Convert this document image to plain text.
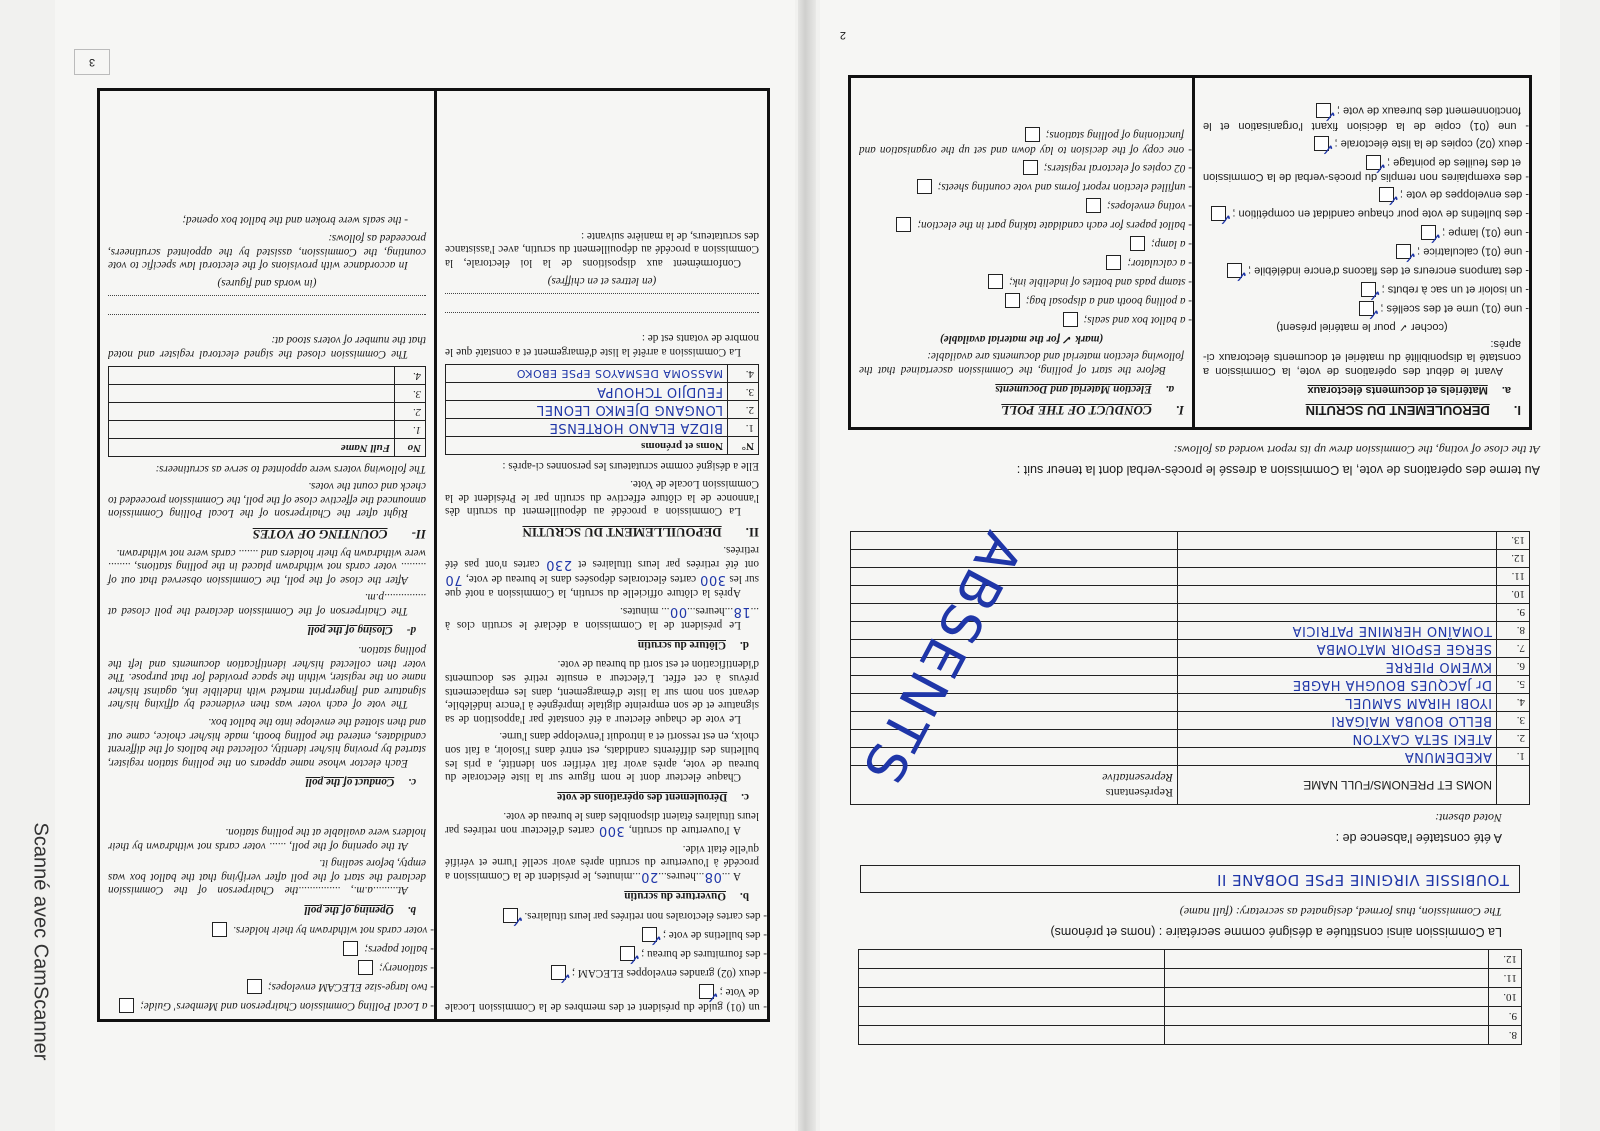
Scanné avec CamScanner
3

- un (01) guide du président et des membres de la Commission Locale de Vote ;✓

- deux (02) grandes enveloppes ELECAM ;✓

- des fournitures de bureau ;✓

- des bulletins de vote ;✓

- des cartes électorales non retirées par leurs titulaires.✓

b.Ouverture du scrutin

A ...08...heures...20...minutes, le président de la Commission a procédé à l'ouverture du scrutin après avoir scellé l'urne et vérifié qu'elle était vide.

A l'ouverture du scrutin, 300 cartes d'électeur non retirées par leurs titulaires étaient disponibles dans le bureau de vote.

c.Déroulement des opérations de vote

Chaque électeur dont le nom figure sur la liste électorale du bureau de vote, après avoir fait vérifier son identité, a pris les bulletins des différents candidats, est entré dans l'isoloir, a fait son choix, en est ressorti et a introduit l'enveloppe dans l'urne.

Le vote de chaque électeur a été constaté par l'apposition de sa signature et de son empreinte digitale imprégnée à l'encre indélébile, devant son nom sur la liste d'émargement, dans les emplacements prévus à cet effet. L'électeur a ensuite retiré ses documents d'identification et est sorti du bureau de vote.

d.Clôture du scrutin

Le président de la Commission a déclaré le scrutin clos à ...18...heures...00... minutes.

Après la clôture officielle du scrutin, la Commission a noté que sur les 300 cartes électorales déposées dans le bureau de vote, 70 ont été retirées par leurs titulaires et 230 cartes n'ont pas été retirées.

II.DEPOUILLEMENT DU SCRUTIN

La Commission a procédé au dépouillement du scrutin dès l'annonce de la clôture effective du scrutin par le Président de la Commission Locale de Vote.

Elle a désigné comme scrutateurs les personnes ci-après :

N°	Noms et prénoms
1.	BIDZA ELANO HORTENSE
2.	LONGANG DJEMKO LEONEL
3.	FEUDJIO TCHOUPA
4.	MASSOMA DESMAYOS EPSE EBOKO

La Commission a arrêté la liste d'émargement et a constaté que le nombre de votants est de :

(en lettres et en chiffres)

Conformément aux dispositions de la loi électorale, la Commission a procédé au dépouillement du scrutin, avec l'assistance des scrutateurs, de la manière suivante :

- a Local Polling Commission Chairperson and Members' Guide;

- two large-size ELECAM envelopes;

- stationery;

- ballot papers;

- voter cards not withdrawn by their holders.

b.Opening of the poll

At.........a.m., ...............the Chairperson of the Commission declared the start of the poll after verifying that the ballot box was empty, before sealing it.

At the opening of the poll, ...... voter cards not withdrawn by their holders were available at the polling station.

c.Conduct of the poll

Each elector whose name appears on the polling station register, started by proving his/her identity, collected the ballots of the different candidates, entered the polling booth, made his/her choice, came out and then slotted the envelope into the ballot box.

The vote of each voter was then evidenced by affixing his/her signature and fingerprint marked with indelible ink, against his/her name on the register, within the space provided for that purpose. The voter then collected his/her identification documents and left the polling station.

d-Closing of the poll

The Chairperson of the Commission declared the poll closed at ...............p.m.

After the close of the poll, the Commission observed that out of ......... voter cards not withdrawn placed in the polling stations, ........ were withdrawn by their holders and ....... cards were not withdrawn.

II-COUNTING OF VOTES

Right after the Chairperson of the Local Polling Commission announced the effective close of the poll, the Commission proceeded to check and count the votes.

The following voters were appointed to serve as scrutineers:

No	Full Name
1.	
2.	
3.	
4.	

The Commission closed the signed electoral register and noted that the number of voters stood at:

(in words and figures)

In accordance with provisions of the electoral law specific to vote counting, the Commission, assisted by the appointed scrutineers, proceeded as follows:

- the seals were broken and the ballot box opened;

8.		
9.		
10.		
11.		
12.		
La Commission ainsi constituée a désigné comme secrétaire : (noms et prénoms)
The Commission, thus formed, designated as secretary: (full name)
TOUBISSIE VIRGINIE EPSE DOBANE II
A été constatée l'absence de :
Noted absent:
	NOMS ET PRENOMS/FULL NAME	Représentants
Representative

1.	AKEDEMUNA	
2.	ATEKI SETA CAXTON	
3.	BELLO BOUBA MAÏGARI	
4.	IYOBI HIRAM SAMUEL	
5.	Dr JACQUES BOUGHA HAGBE	
6.	KWEMO PIERRE	
7.	SERGE ESPOIR MATOMBA	
8.	TOMAÏNO HERMINE PATRICIA	
9.		
10.		
11.		
12.		
13.		
ABSENTS
Au terme des opérations de vote, la Commission a dressé le procès-verbal dont la teneur suit :
At the close of voting, the Commission drew up its report worded as follows:
I.DEROULEMENT DU SCRUTIN
a.Matériels et documents électoraux

Avant le début des opérations de vote, la Commission a constaté la disponibilité du matériel et documents électoraux ci-après:

(cocher ✓ pour le matériel présent)

- une (01) urne et des scellés ;✓

- un isoloir et un sac à rebuts ;✓

- des tampons encreurs et des flacons d'encre indélébile ;✓

- une (01) calculatrice ;✓

- une (01) lampe ;✓

- des bulletins de vote pour chaque candidat en compétition ;✓

- des enveloppes de vote ;✓

- des exemplaires non remplis du procès-verbal de la Commission et des feuilles de pointage ;✓

- deux (02) copies de la liste électorale ;✓

- une (01) copie de la décision fixant l'organisation et le fonctionnement des bureaux de vote ;✓

I.CONDUCT OF THE POLL
a.Election Material and Documents

Before the start of polling, the Commission ascertained that the following election material and documents are available:

(mark ✓ for the material available)

- a ballot box and seals;

- a polling booth and a disposal bag;

- stamp pads and bottles of indelible ink;

- a calculator;

- a lamp;

- ballot papers for each candidate taking part in the election;

- voting envelopes;

- unfilled election report forms and vote counting sheets;

- 02 copies of electoral registers;

- one copy of the decision to lay down and set up the organisation and functioning of polling stations;

2
